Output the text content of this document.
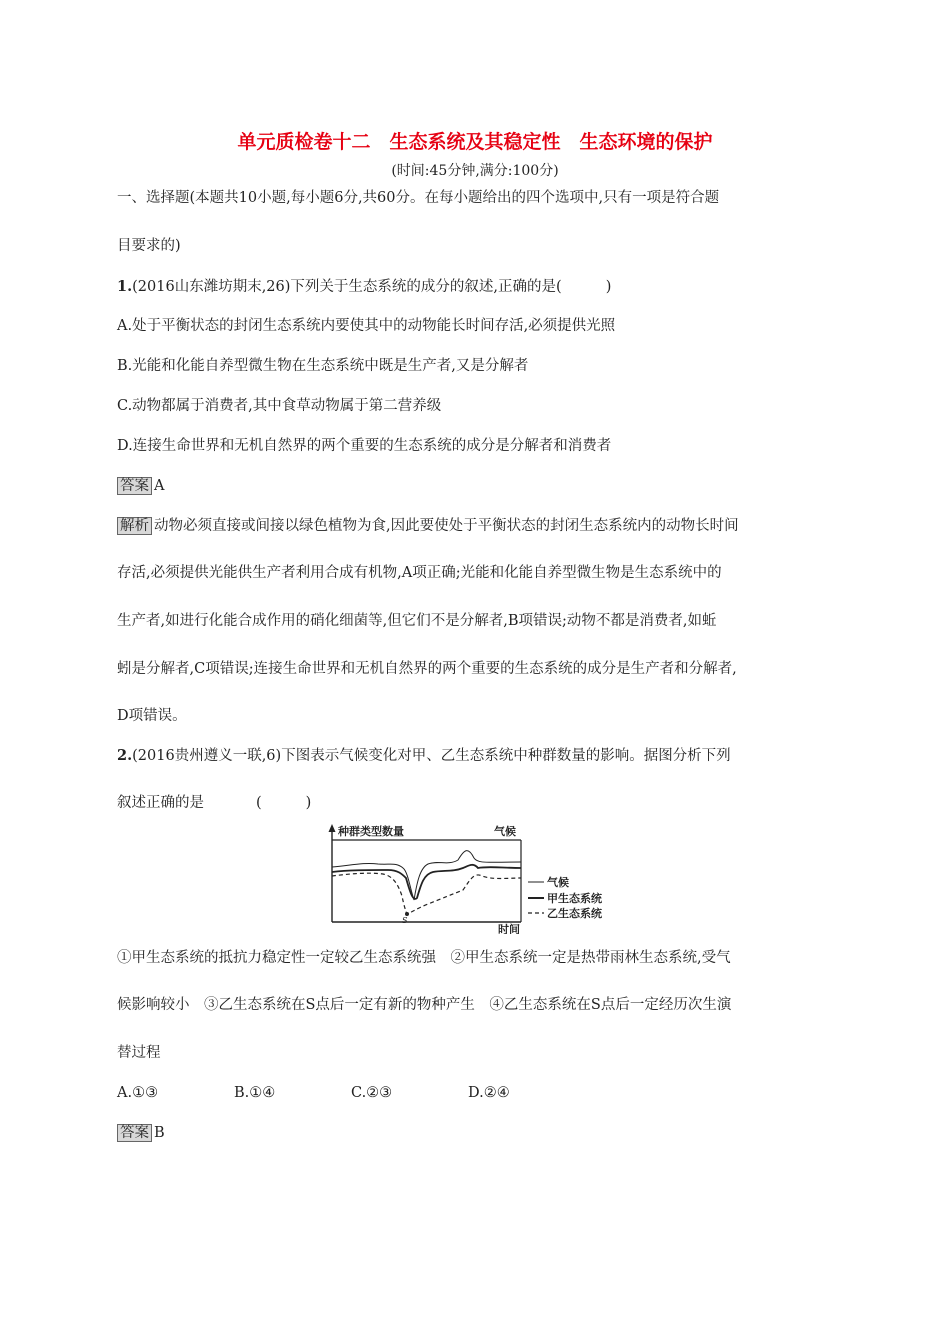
单元质检卷十二　生态系统及其稳定性　生态环境的保护
(时间:45分钟,满分:100分)
一、选择题(本题共10小题,每小题6分,共60分。在每小题给出的四个选项中,只有一项是符合题
目要求的)
1.(2016山东潍坊期末,26)下列关于生态系统的成分的叙述,正确的是(	)
A.处于平衡状态的封闭生态系统内要使其中的动物能长时间存活,必须提供光照
B.光能和化能自养型微生物在生态系统中既是生产者,又是分解者
C.动物都属于消费者,其中食草动物属于第二营养级
D.连接生命世界和无机自然界的两个重要的生态系统的成分是分解者和消费者
答案 A
解析 动物必须直接或间接以绿色植物为食,因此要使处于平衡状态的封闭生态系统内的动物长时间
存活,必须提供光能供生产者利用合成有机物,A项正确;光能和化能自养型微生物是生态系统中的
生产者,如进行化能合成作用的硝化细菌等,但它们不是分解者,B项错误;动物不都是消费者,如蚯
蚓是分解者,C项错误;连接生命世界和无机自然界的两个重要的生态系统的成分是生产者和分解者,
D项错误。
2.(2016贵州遵义一联,6)下图表示气候变化对甲、乙生态系统中种群数量的影响。据图分析下列
叙述正确的是	(	)
种群类型数量	气候
时间
S
气候
甲生态系统
乙生态系统
①甲生态系统的抵抗力稳定性一定较乙生态系统强　②甲生态系统一定是热带雨林生态系统,受气
候影响较小　③乙生态系统在S点后一定有新的物种产生　④乙生态系统在S点后一定经历次生演
替过程
A.①③	B.①④	C.②③	D.②④
答案 B
